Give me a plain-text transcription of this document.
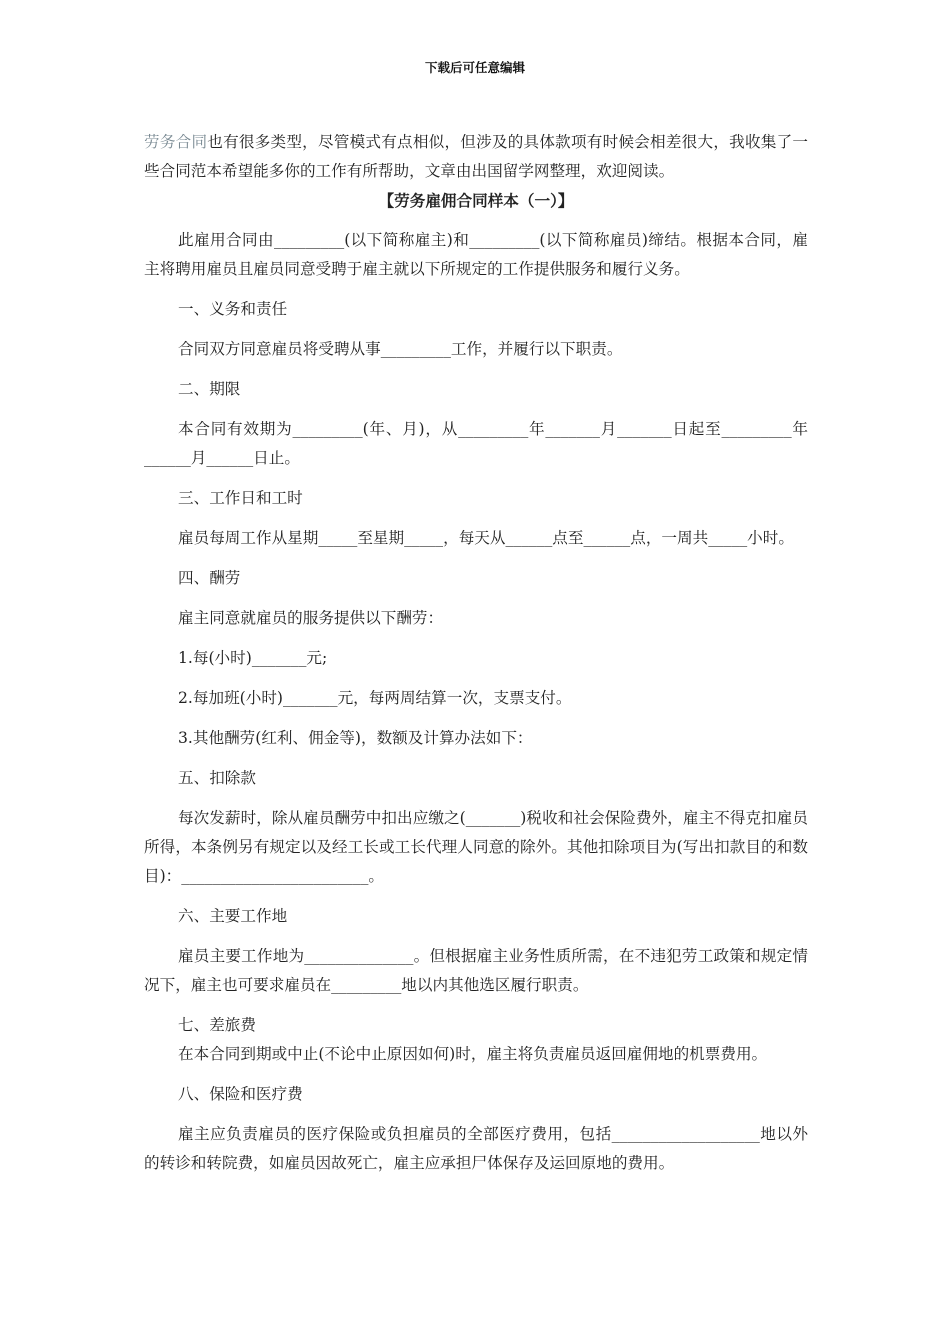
下载后可任意编辑

劳务合同也有很多类型，尽管模式有点相似，但涉及的具体款项有时候会相差很大，我收集了一些合同范本希望能多你的工作有所帮助，文章由出国留学网整理，欢迎阅读。

【劳务雇佣合同样本（一）】

此雇用合同由_________(以下简称雇主)和_________(以下简称雇员)缔结。根据本合同，雇主将聘用雇员且雇员同意受聘于雇主就以下所规定的工作提供服务和履行义务。

一、义务和责任

合同双方同意雇员将受聘从事_________工作，并履行以下职责。

二、期限

本合同有效期为_________(年、月)，从_________年_______月_______日起至_________年______月______日止。

三、工作日和工时

雇员每周工作从星期_____至星期_____，每天从______点至______点，一周共_____小时。

四、酬劳

雇主同意就雇员的服务提供以下酬劳：

1.每(小时)_______元;

2.每加班(小时)_______元，每两周结算一次，支票支付。

3.其他酬劳(红利、佣金等)，数额及计算办法如下：

五、扣除款

每次发薪时，除从雇员酬劳中扣出应缴之(_______)税收和社会保险费外，雇主不得克扣雇员所得，本条例另有规定以及经工长或工长代理人同意的除外。其他扣除项目为(写出扣款目的和数目)：________________________。

六、主要工作地

雇员主要工作地为______________。但根据雇主业务性质所需，在不违犯劳工政策和规定情况下，雇主也可要求雇员在_________地以内其他选区履行职责。

七、差旅费

在本合同到期或中止(不论中止原因如何)时，雇主将负责雇员返回雇佣地的机票费用。

八、保险和医疗费

雇主应负责雇员的医疗保险或负担雇员的全部医疗费用，包括___________________地以外的转诊和转院费，如雇员因故死亡，雇主应承担尸体保存及运回原地的费用。
